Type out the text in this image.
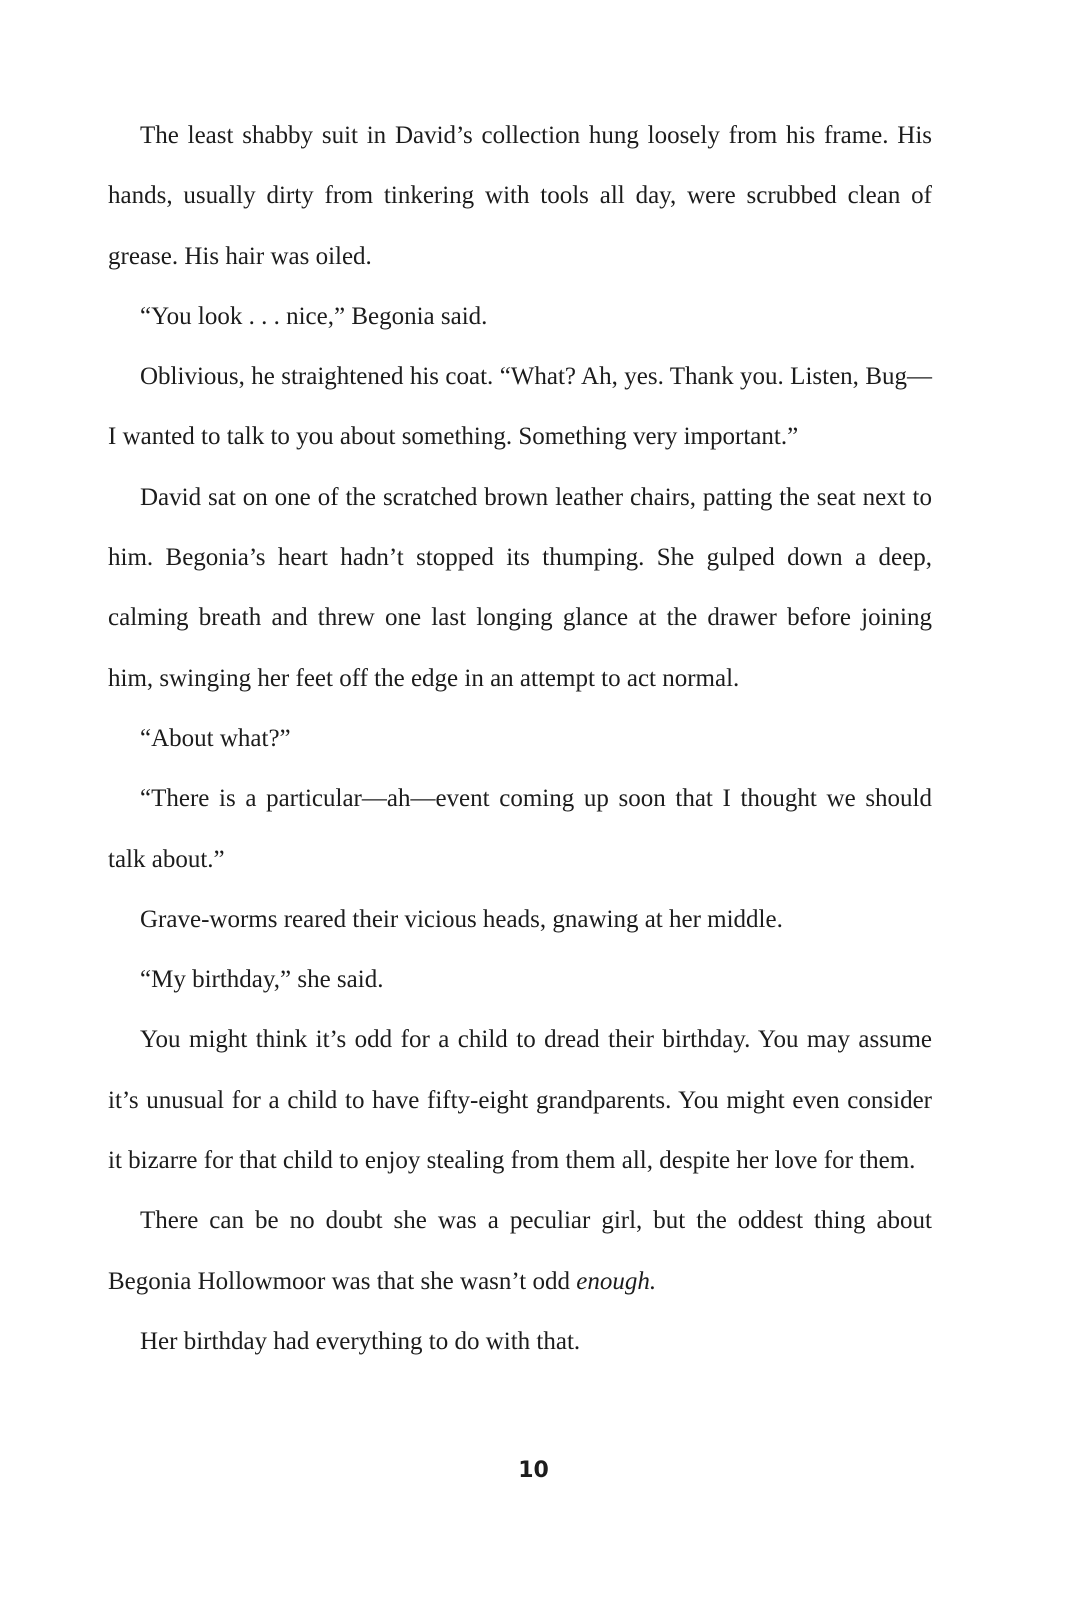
The least shabby suit in David’s collection hung loosely from his frame. His hands, usually dirty from tinkering with tools all day, were scrubbed clean of grease. His hair was oiled.

“You look . . . nice,” Begonia said.

Oblivious, he straightened his coat. “What? Ah, yes. Thank you. Listen, Bug—I wanted to talk to you about something. Something very important.”

David sat on one of the scratched brown leather chairs, patting the seat next to him. Begonia’s heart hadn’t stopped its thumping. She gulped down a deep, calming breath and threw one last longing glance at the drawer before joining him, swinging her feet off the edge in an attempt to act normal.

“About what?”

“There is a particular—ah—event coming up soon that I thought we should talk about.”

Grave-worms reared their vicious heads, gnawing at her middle.

“My birthday,” she said.

You might think it’s odd for a child to dread their birthday. You may assume it’s unusual for a child to have fifty-eight grandparents. You might even consider it bizarre for that child to enjoy stealing from them all, despite her love for them.

There can be no doubt she was a peculiar girl, but the oddest thing about Begonia Hollowmoor was that she wasn’t odd enough.

Her birthday had everything to do with that.

10
